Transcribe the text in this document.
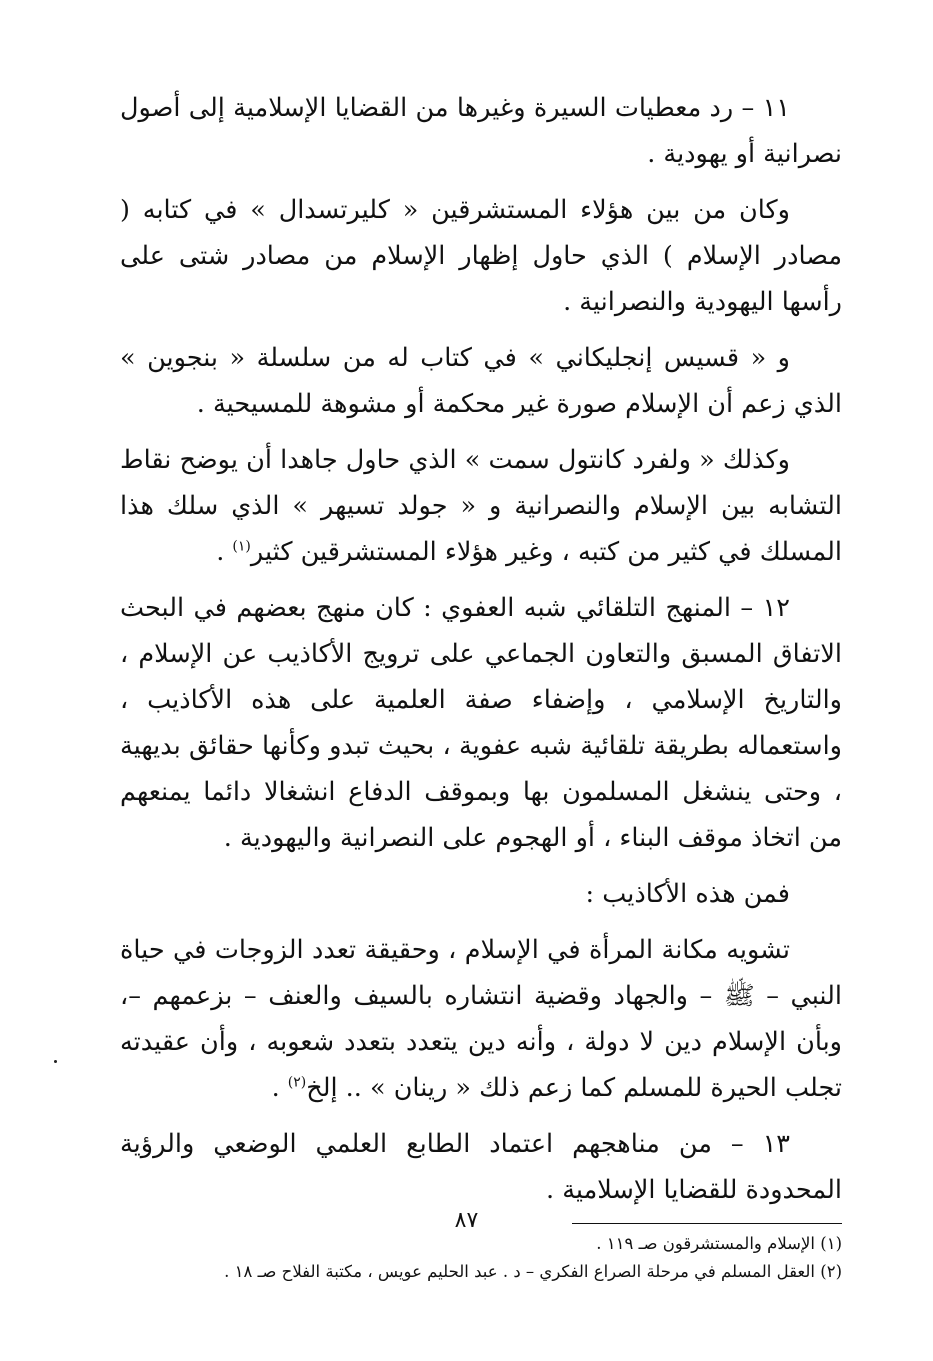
١١ – رد معطيات السيرة وغيرها من القضايا الإسلامية إلى أصول نصرانية أو يهودية .

وكان من بين هؤلاء المستشرقين « كليرتسدال » في كتابه ( مصادر الإسلام ) الذي حاول إظهار الإسلام من مصادر شتى على رأسها اليهودية والنصرانية .

و « قسيس إنجليكاني » في كتاب له من سلسلة « بنجوين » الذي زعم أن الإسلام صورة غير محكمة أو مشوهة للمسيحية .

وكذلك « ولفرد كانتول سمت » الذي حاول جاهدا أن يوضح نقاط التشابه بين الإسلام والنصرانية و « جولد تسيهر » الذي سلك هذا المسلك في كثير من كتبه ، وغير هؤلاء المستشرقين كثير$^{(١)}$ .

١٢ – المنهج التلقائي شبه العفوي : كان منهج بعضهم في البحث الاتفاق المسبق والتعاون الجماعي على ترويج الأكاذيب عن الإسلام ، والتاريخ الإسلامي ، وإضفاء صفة العلمية على هذه الأكاذيب ، واستعماله بطريقة تلقائية شبه عفوية ، بحيث تبدو وكأنها حقائق بديهية ، وحتى ينشغل المسلمون بها وبموقف الدفاع انشغالا دائما يمنعهم من اتخاذ موقف البناء ، أو الهجوم على النصرانية واليهودية .

فمن هذه الأكاذيب :

تشويه مكانة المرأة في الإسلام ، وحقيقة تعدد الزوجات في حياة النبي – ﷺ – والجهاد وقضية انتشاره بالسيف والعنف – بزعمهم –، وبأن الإسلام دين لا دولة ، وأنه دين يتعدد بتعدد شعوبه ، وأن عقيدته تجلب الحيرة للمسلم كما زعم ذلك « رينان » .. إلخ$^{(٢)}$ .

١٣ – من مناهجهم اعتماد الطابع العلمي الوضعي والرؤية المحدودة للقضايا الإسلامية .

(١) الإسلام والمستشرقون صـ ١١٩ .

(٢) العقل المسلم في مرحلة الصراع الفكري – د . عبد الحليم عويس ، مكتبة الفلاح صـ ١٨ .

٨٧
